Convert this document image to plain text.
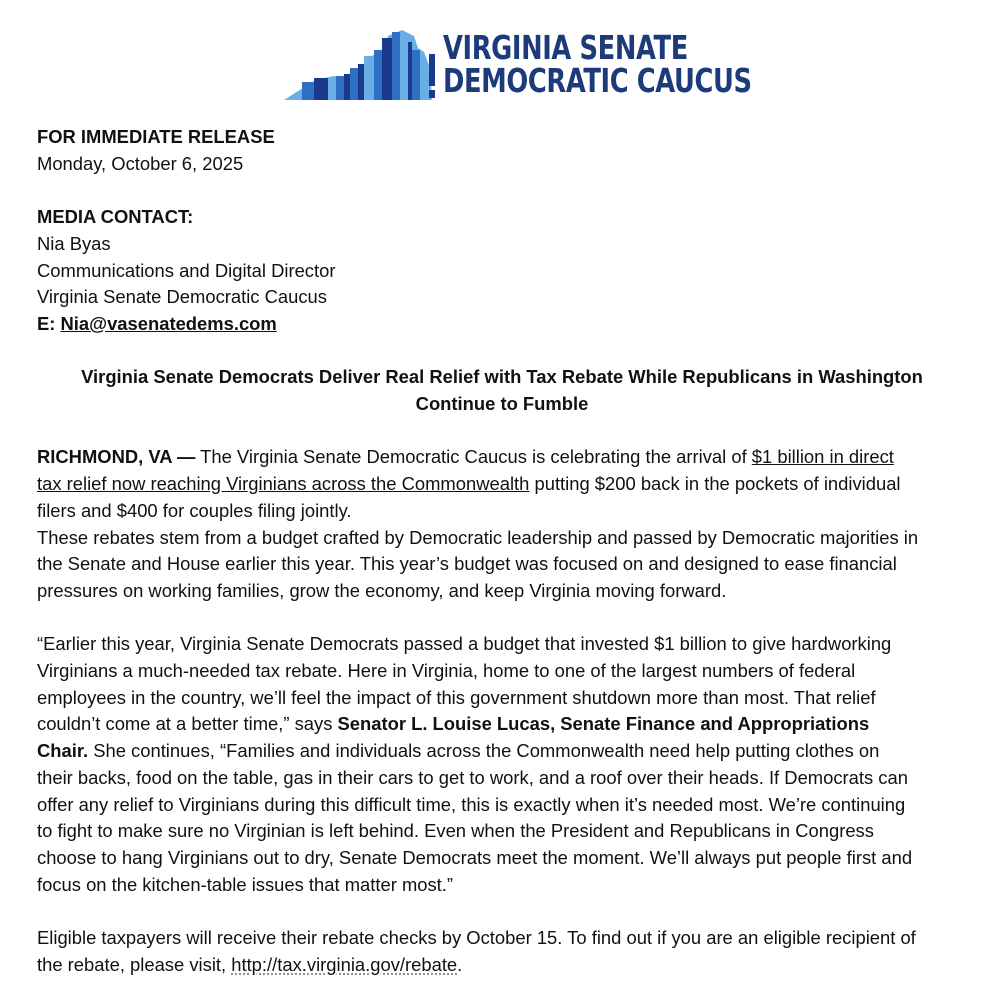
VIRGINIA SENATE
DEMOCRATIC CAUCUS
FOR IMMEDIATE RELEASE
Monday, October 6, 2025
MEDIA CONTACT:
Nia Byas
Communications and Digital Director
Virginia Senate Democratic Caucus
E: Nia@vasenatedems.com
Virginia Senate Democrats Deliver Real Relief with Tax Rebate While Republicans in Washington
Continue to Fumble
RICHMOND, VA — The Virginia Senate Democratic Caucus is celebrating the arrival of $1 billion in direct
tax relief now reaching Virginians across the Commonwealth putting $200 back in the pockets of individual
filers and $400 for couples filing jointly.
These rebates stem from a budget crafted by Democratic leadership and passed by Democratic majorities in
the Senate and House earlier this year. This year’s budget was focused on and designed to ease financial
pressures on working families, grow the economy, and keep Virginia moving forward.
“Earlier this year, Virginia Senate Democrats passed a budget that invested $1 billion to give hardworking
Virginians a much-needed tax rebate. Here in Virginia, home to one of the largest numbers of federal
employees in the country, we’ll feel the impact of this government shutdown more than most. That relief
couldn’t come at a better time,” says Senator L. Louise Lucas, Senate Finance and Appropriations
Chair. She continues, “Families and individuals across the Commonwealth need help putting clothes on
their backs, food on the table, gas in their cars to get to work, and a roof over their heads. If Democrats can
offer any relief to Virginians during this difficult time, this is exactly when it’s needed most. We’re continuing
to fight to make sure no Virginian is left behind. Even when the President and Republicans in Congress
choose to hang Virginians out to dry, Senate Democrats meet the moment. We’ll always put people first and
focus on the kitchen-table issues that matter most.”
Eligible taxpayers will receive their rebate checks by October 15. To find out if you are an eligible recipient of
the rebate, please visit, http://tax.virginia.gov/rebate.
